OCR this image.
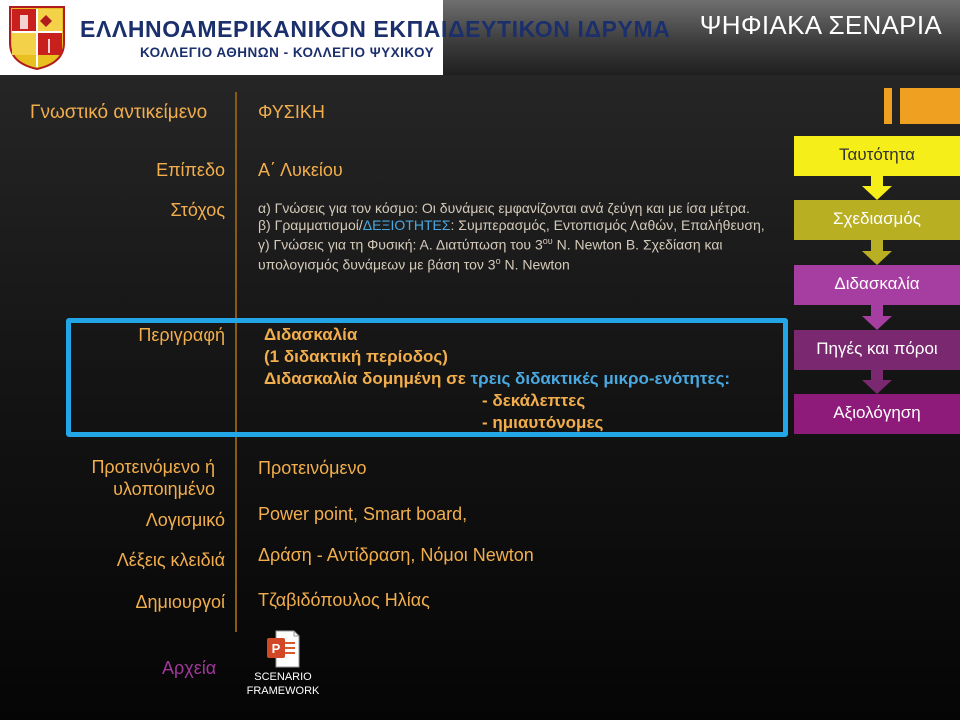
ΕΛΛΗΝΟΑΜΕΡΙΚΑΝΙΚΟΝ ΕΚΠΑΙΔΕΥΤΙΚΟΝ ΙΔΡΥΜΑ
ΚΟΛΛΕΓΙΟ ΑΘΗΝΩΝ - ΚΟΛΛΕΓΙΟ ΨΥΧΙΚΟΥ
ΨΗΦΙΑΚΑ ΣΕΝΑΡΙΑ
Γνωστικό αντικείμενο	ΦΥΣΙΚΗ
Επίπεδο Α΄ Λυκείου
Στόχος α) Γνώσεις για τον κόσμο: Οι δυνάμεις εμφανίζονται ανά ζεύγη και με ίσα μέτρα.
β) Γραμματισμοί/ΔΕΞΙΟΤΗΤΕΣ: Συμπερασμός, Εντοπισμός Λαθών, Επαλήθευση,
γ) Γνώσεις για τη Φυσική: Α. Διατύπωση του $3^{o\upsilon}$ Ν. Newton Β. Σχεδίαση και υπολογισμός δυνάμεων με βάση τον $3^o$ Ν. Newton
Περιγραφή Διδασκαλία
(1 διδακτική περίοδος)
Διδασκαλία δομημένη σε τρεις διδακτικές μικρο-ενότητες:
- δεκάλεπτες
- ημιαυτόνομες
Προτεινόμενο ή υλοποιημένο
Προτεινόμενο
Λογισμικό Power point, Smart board,
Λέξεις κλειδιά Δράση - Αντίδραση, Νόμοι Newton
Δημιουργοί Τζαβιδόπουλος Ηλίας
Ταυτότητα
Σχεδιασμός
Διδασκαλία
Πηγές και πόροι
Αξιολόγηση
Αρχεία
P
SCENARIO FRAMEWORK
